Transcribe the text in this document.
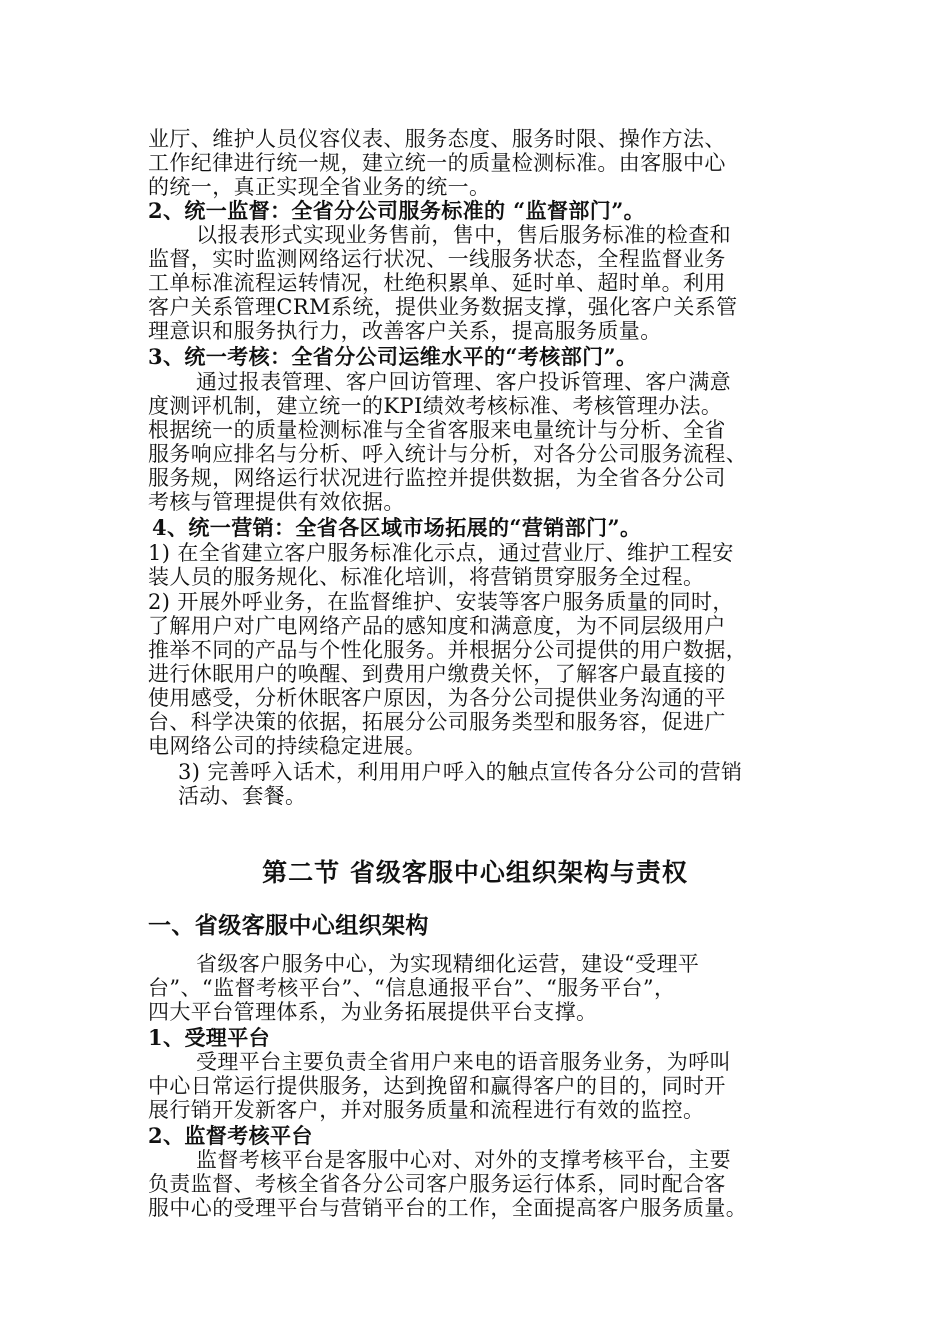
业厅、维护人员仪容仪表、服务态度、服务时限、操作方法、
工作纪律进行统一规，建立统一的质量检测标准。由客服中心
的统一，真正实现全省业务的统一。
2、统一监督：全省分公司服务标准的 “监督部门”。
以报表形式实现业务售前，售中，售后服务标准的检查和
监督，实时监测网络运行状况、一线服务状态，全程监督业务
工单标准流程运转情况，杜绝积累单、延时单、超时单。利用
客户关系管理CRM系统，提供业务数据支撑，强化客户关系管
理意识和服务执行力，改善客户关系，提高服务质量。
3、统一考核：全省分公司运维水平的“考核部门”。
通过报表管理、客户回访管理、客户投诉管理、客户满意
度测评机制，建立统一的KPI绩效考核标准、考核管理办法。
根据统一的质量检测标准与全省客服来电量统计与分析、全省
服务响应排名与分析、呼入统计与分析，对各分公司服务流程、
服务规，网络运行状况进行监控并提供数据，为全省各分公司
考核与管理提供有效依据。
4、统一营销：全省各区域市场拓展的“营销部门”。
1) 在全省建立客户服务标准化示点，通过营业厅、维护工程安
装人员的服务规化、标准化培训，将营销贯穿服务全过程。
2) 开展外呼业务，在监督维护、安装等客户服务质量的同时，
了解用户对广电网络产品的感知度和满意度，为不同层级用户
推举不同的产品与个性化服务。并根据分公司提供的用户数据，
进行休眠用户的唤醒、到费用户缴费关怀，了解客户最直接的
使用感受，分析休眠客户原因，为各分公司提供业务沟通的平
台、科学决策的依据，拓展分公司服务类型和服务容，促进广
电网络公司的持续稳定进展。
3) 完善呼入话术，利用用户呼入的触点宣传各分公司的营销
活动、套餐。
第二节 省级客服中心组织架构与责权
一、省级客服中心组织架构
省级客户服务中心，为实现精细化运营，建设“受理平
台”、“监督考核平台”、“信息通报平台”、“服务平台”，
四大平台管理体系，为业务拓展提供平台支撑。
1、受理平台
受理平台主要负责全省用户来电的语音服务业务，为呼叫
中心日常运行提供服务，达到挽留和赢得客户的目的，同时开
展行销开发新客户，并对服务质量和流程进行有效的监控。
2、监督考核平台
监督考核平台是客服中心对、对外的支撑考核平台，主要
负责监督、考核全省各分公司客户服务运行体系，同时配合客
服中心的受理平台与营销平台的工作，全面提高客户服务质量。
